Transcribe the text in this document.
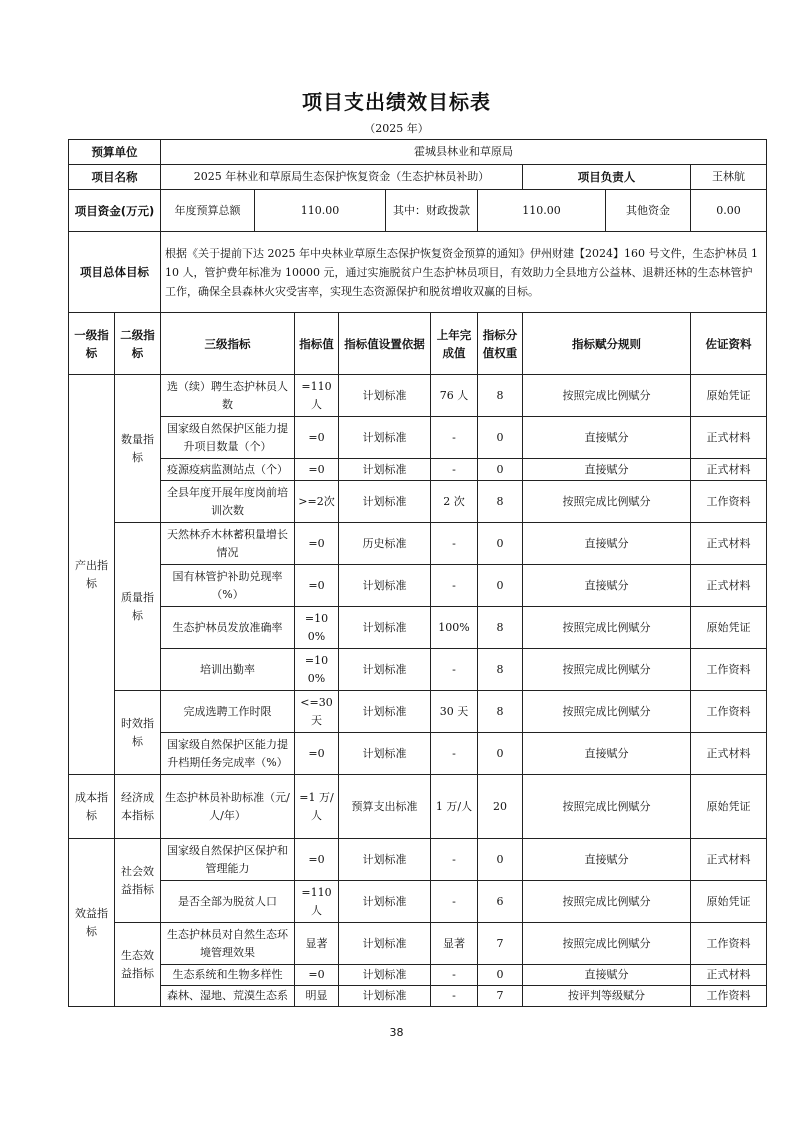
项目支出绩效目标表
（2025 年）
预算单位		霍城县林业和草原局									
项目名称		2025 年林业和草原局生态保护恢复资金（生态护林员补助）							项目负责人		王林航
项目资金(万元)		年度预算总额	110.00			其中：财政拨款		110.00		其他资金	0.00
项目总体目标		根据《关于提前下达 2025 年中央林业草原生态保护恢复资金预算的通知》伊州财建【2024】160 号文件，生态护林员 110 人，管护费年标准为 10000 元，通过实施脱贫户生态护林员项目，有效助力全县地方公益林、退耕还林的生态林管护工作，确保全县森林火灾受害率，实现生态资源保护和脱贫增收双赢的目标。									
一级指标	二级指标	三级指标		指标值	指标值设置依据		上年完成值	指标分值权重	指标赋分规则		佐证资料
产出指标	数量指标	选（续）聘生态护林员人数		=110人	计划标准		76 人	8	按照完成比例赋分		原始凭证
		国家级自然保护区能力提升项目数量（个）		=0	计划标准		-	0	直接赋分		正式材料
		疫源疫病监测站点（个）		=0	计划标准		-	0	直接赋分		正式材料
		全县年度开展年度岗前培训次数		>=2次	计划标准		2 次	8	按照完成比例赋分		工作资料
	质量指标	天然林乔木林蓄积量增长情况		=0	历史标准		-	0	直接赋分		正式材料
		国有林管护补助兑现率（%）		=0	计划标准		-	0	直接赋分		正式材料
		生态护林员发放准确率		=100%	计划标准		100%	8	按照完成比例赋分		原始凭证
		培训出勤率		=100%	计划标准		-	8	按照完成比例赋分		工作资料
	时效指标	完成选聘工作时限		<=30天	计划标准		30 天	8	按照完成比例赋分		工作资料
		国家级自然保护区能力提升档期任务完成率（%）		=0	计划标准		-	0	直接赋分		正式材料
成本指标	经济成本指标	生态护林员补助标准（元/人/年）		=1 万/人	预算支出标准		1 万/人	20	按照完成比例赋分		原始凭证
效益指标	社会效益指标	国家级自然保护区保护和管理能力		=0	计划标准		-	0	直接赋分		正式材料
		是否全部为脱贫人口		=110人	计划标准		-	6	按照完成比例赋分		原始凭证
	生态效益指标	生态护林员对自然生态环境管理效果		显著	计划标准		显著	7	按照完成比例赋分		工作资料
		生态系统和生物多样性		=0	计划标准		-	0	直接赋分		正式材料
		森林、湿地、荒漠生态系		明显	计划标准		-	7	按评判等级赋分		工作资料
38
